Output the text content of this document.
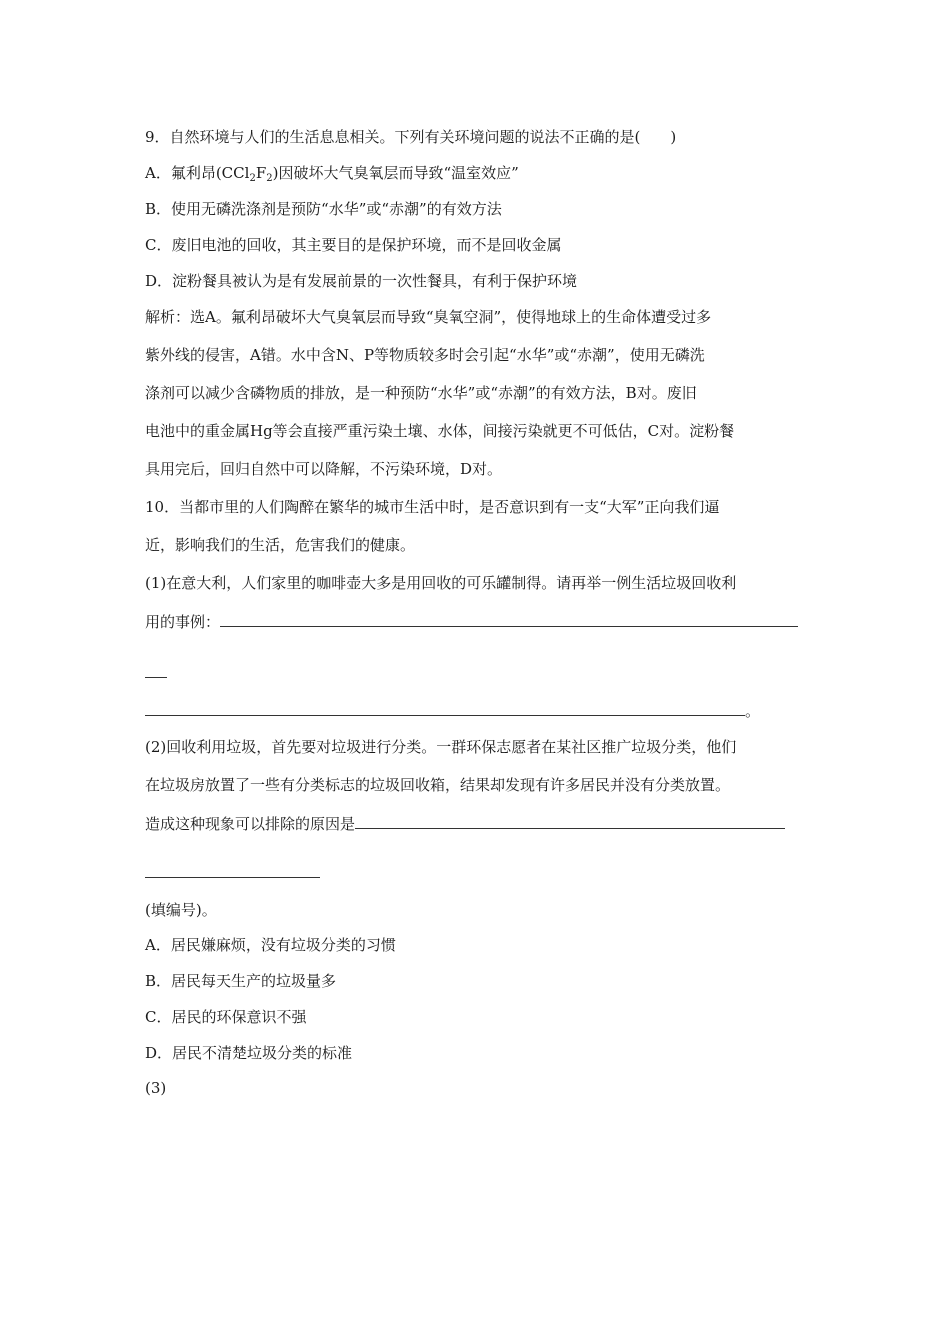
9．自然环境与人们的生活息息相关。下列有关环境问题的说法不正确的是(　　)
A．氟利昂$(CCl_2F_2)$因破坏大气臭氧层而导致“温室效应”
B．使用无磷洗涤剂是预防“水华”或“赤潮”的有效方法
C．废旧电池的回收，其主要目的是保护环境，而不是回收金属
D．淀粉餐具被认为是有发展前景的一次性餐具，有利于保护环境
解析：选A。氟利昂破坏大气臭氧层而导致“臭氧空洞”，使得地球上的生命体遭受过多
紫外线的侵害，A错。水中含N、P等物质较多时会引起“水华”或“赤潮”，使用无磷洗
涤剂可以减少含磷物质的排放，是一种预防“水华”或“赤潮”的有效方法，B对。废旧
电池中的重金属Hg等会直接严重污染土壤、水体，间接污染就更不可低估，C对。淀粉餐
具用完后，回归自然中可以降解，不污染环境，D对。
10．当都市里的人们陶醉在繁华的城市生活中时，是否意识到有一支“大军”正向我们逼
近，影响我们的生活，危害我们的健康。
(1)在意大利，人们家里的咖啡壶大多是用回收的可乐罐制得。请再举一例生活垃圾回收利
用的事例：
。
(2)回收利用垃圾，首先要对垃圾进行分类。一群环保志愿者在某社区推广垃圾分类，他们
在垃圾房放置了一些有分类标志的垃圾回收箱，结果却发现有许多居民并没有分类放置。
造成这种现象可以排除的原因是
(填编号)。
A．居民嫌麻烦，没有垃圾分类的习惯
B．居民每天生产的垃圾量多
C．居民的环保意识不强
D．居民不清楚垃圾分类的标准
(3)
